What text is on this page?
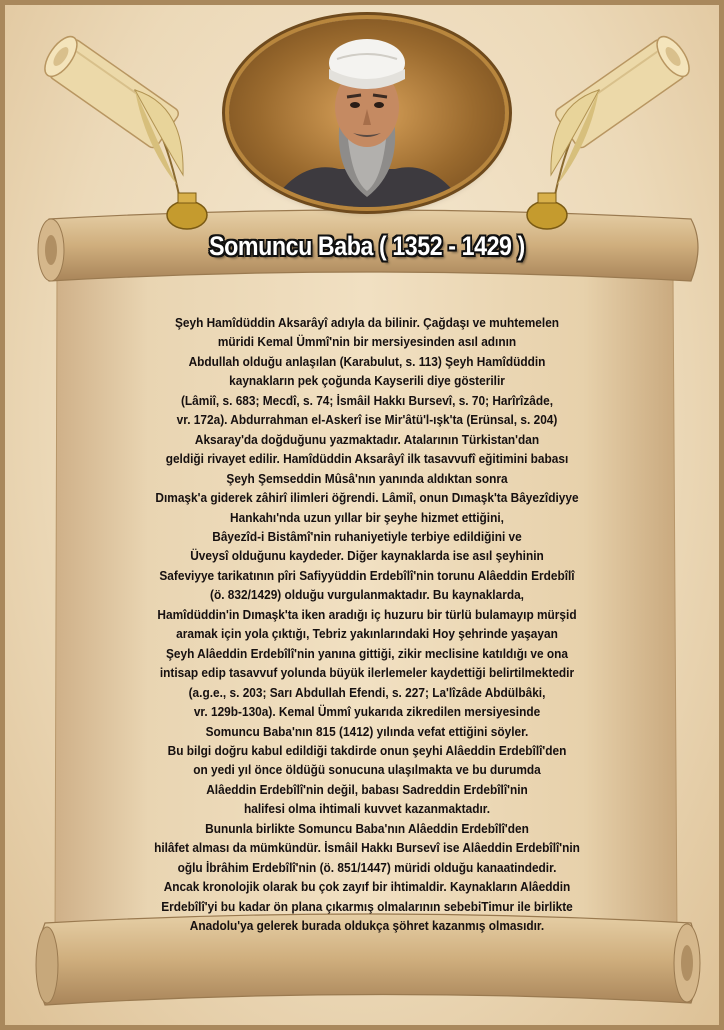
Somuncu Baba ( 1352 - 1429 )
Şeyh Hamîdüddin Aksarâyî adıyla da bilinir. Çağdaşı ve muhtemelen
müridi Kemal Ümmî'nin bir mersiyesinden asıl adının
Abdullah olduğu anlaşılan (Karabulut, s. 113) Şeyh Hamîdüddin
kaynakların pek çoğunda Kayserili diye gösterilir
(Lâmiî, s. 683; Mecdî, s. 74; İsmâil Hakkı Bursevî, s. 70; Harîrîzâde,
vr. 172a). Abdurrahman el-Askerî ise Mir'âtü'l-ışk'ta (Erünsal, s. 204)
Aksaray'da doğduğunu yazmaktadır. Atalarının Türkistan'dan
geldiği rivayet edilir. Hamîdüddin Aksarâyî ilk tasavvufî eğitimini babası
Şeyh Şemseddin Mûsâ'nın yanında aldıktan sonra
Dımaşk'a giderek zâhirî ilimleri öğrendi. Lâmiî, onun Dımaşk'ta Bâyezîdiyye
Hankahı'nda uzun yıllar bir şeyhe hizmet ettiğini,
Bâyezîd-i Bistâmî'nin ruhaniyetiyle terbiye edildiğini ve
Üveysî olduğunu kaydeder. Diğer kaynaklarda ise asıl şeyhinin
Safeviyye tarikatının pîri Safiyyüddin Erdebîlî'nin torunu Alâeddin Erdebîlî
(ö. 832/1429) olduğu vurgulanmaktadır. Bu kaynaklarda,
Hamîdüddin'in Dımaşk'ta iken aradığı iç huzuru bir türlü bulamayıp mürşid
aramak için yola çıktığı, Tebriz yakınlarındaki Hoy şehrinde yaşayan
Şeyh Alâeddin Erdebîlî'nin yanına gittiği, zikir meclisine katıldığı ve ona
intisap edip tasavvuf yolunda büyük ilerlemeler kaydettiği belirtilmektedir
(a.g.e., s. 203; Sarı Abdullah Efendi, s. 227; La'lîzâde Abdülbâki,
vr. 129b-130a). Kemal Ümmî yukarıda zikredilen mersiyesinde
Somuncu Baba'nın 815 (1412) yılında vefat ettiğini söyler.
Bu bilgi doğru kabul edildiği takdirde onun şeyhi Alâeddin Erdebîlî'den
on yedi yıl önce öldüğü sonucuna ulaşılmakta ve bu durumda
Alâeddin Erdebîlî'nin değil, babası Sadreddin Erdebîlî'nin
halifesi olma ihtimali kuvvet kazanmaktadır.
Bununla birlikte Somuncu Baba'nın Alâeddin Erdebîlî'den
hilâfet alması da mümkündür. İsmâil Hakkı Bursevî ise Alâeddin Erdebîlî'nin
oğlu İbrâhim Erdebîlî'nin (ö. 851/1447) müridi olduğu kanaatindedir.
Ancak kronolojik olarak bu çok zayıf bir ihtimaldir. Kaynakların Alâeddin
Erdebîlî'yi bu kadar ön plana çıkarmış olmalarının sebebiTimur ile birlikte
Anadolu'ya gelerek burada oldukça şöhret kazanmış olmasıdır.
